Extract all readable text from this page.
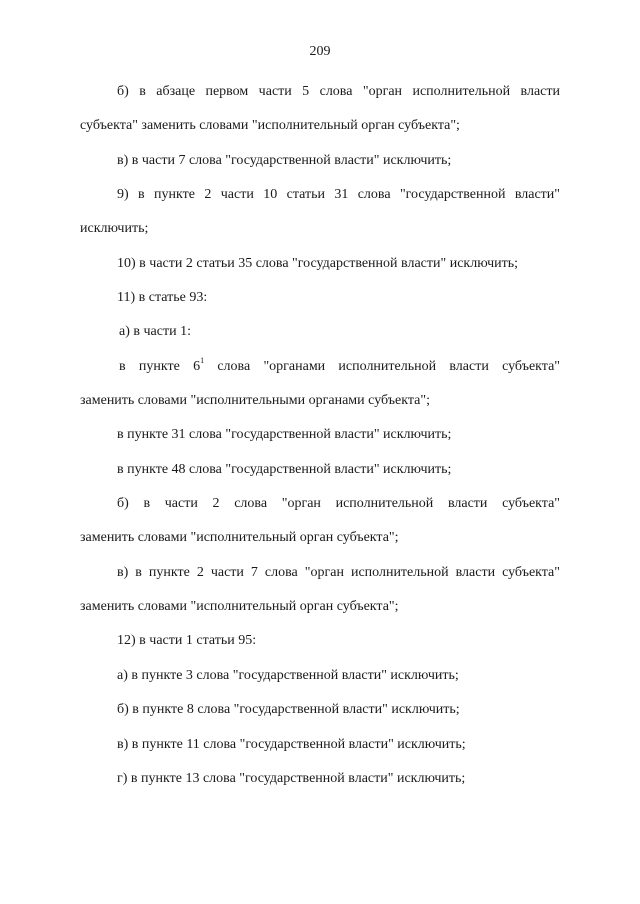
209
б) в абзаце первом части 5 слова "орган исполнительной власти
субъекта" заменить словами "исполнительный орган субъекта";
в) в части 7 слова "государственной власти" исключить;
9) в пункте 2 части 10 статьи 31 слова "государственной власти"
исключить;
10) в части 2 статьи 35 слова "государственной власти" исключить;
11) в статье 93:
а) в части 1:
в пункте $6^1$ слова "органами исполнительной власти субъекта"
заменить словами "исполнительными органами субъекта";
в пункте 31 слова "государственной власти" исключить;
в пункте 48 слова "государственной власти" исключить;
б) в части 2 слова "орган исполнительной власти субъекта"
заменить словами "исполнительный орган субъекта";
в) в пункте 2 части 7 слова "орган исполнительной власти субъекта"
заменить словами "исполнительный орган субъекта";
12) в части 1 статьи 95:
а) в пункте 3 слова "государственной власти" исключить;
б) в пункте 8 слова "государственной власти" исключить;
в) в пункте 11 слова "государственной власти" исключить;
г) в пункте 13 слова "государственной власти" исключить;
